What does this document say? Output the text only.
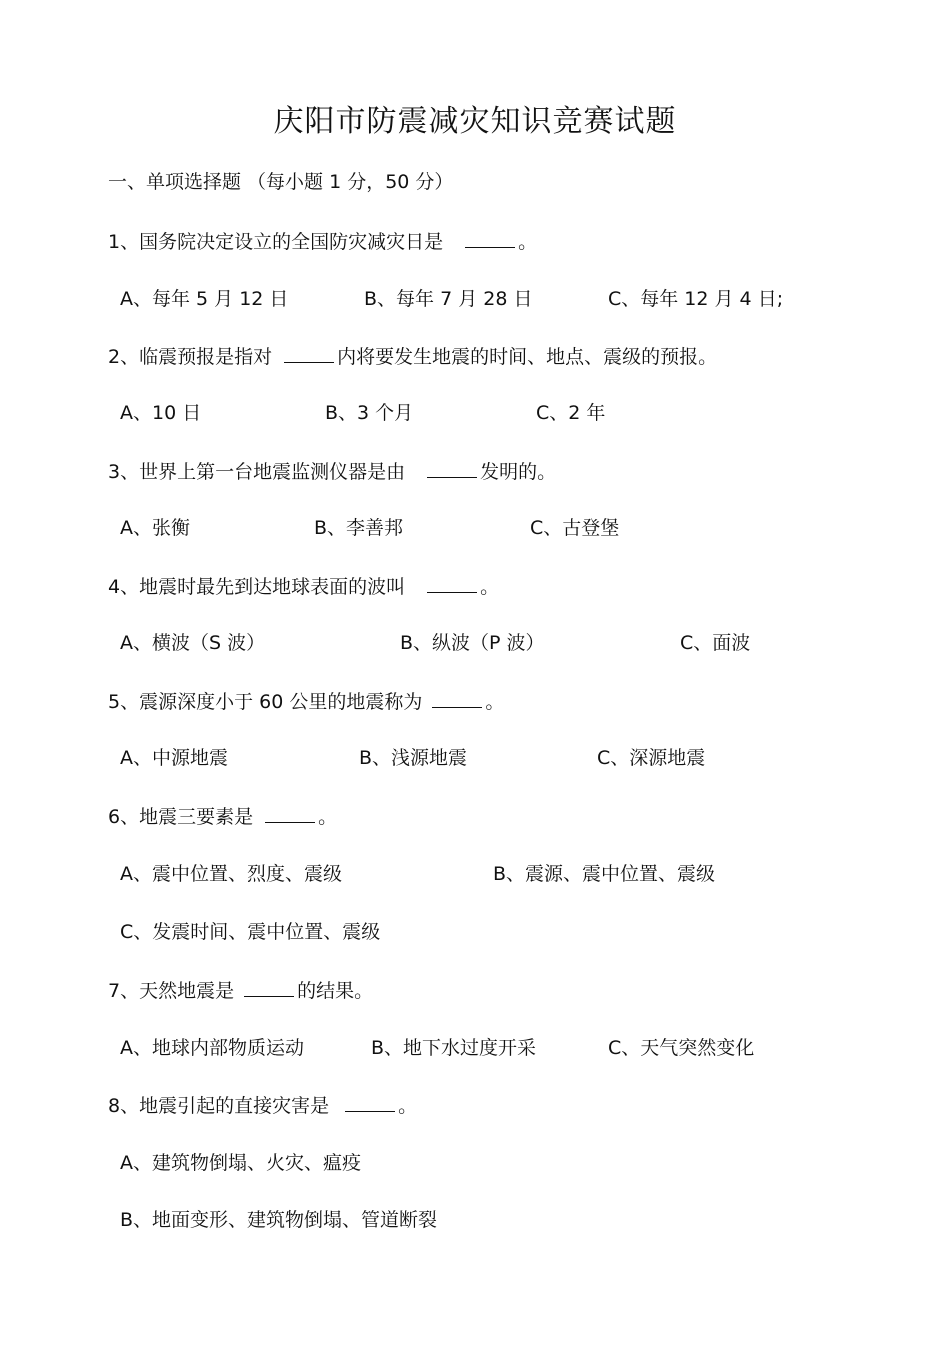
庆阳市防震减灾知识竞赛试题
一、单项选择题 （每小题 1 分，50 分）
1、国务院决定设立的全国防灾减灾日是	。
A、每年 5 月 12 日	B、每年 7 月 28 日	C、每年 12 月 4 日;
2、临震预报是指对	内将要发生地震的时间、地点、震级的预报。
A、10 日	B、3 个月	C、2 年
3、世界上第一台地震监测仪器是由	发明的。
A、张衡	B、李善邦	C、古登堡
4、地震时最先到达地球表面的波叫	。
A、横波（S 波）	B、纵波（P 波）	C、面波
5、震源深度小于 60 公里的地震称为	。
A、中源地震	B、浅源地震	C、深源地震
6、地震三要素是	。
A、震中位置、烈度、震级	B、震源、震中位置、震级
C、发震时间、震中位置、震级
7、天然地震是	的结果。
A、地球内部物质运动	B、地下水过度开采	C、天气突然变化
8、地震引起的直接灾害是	。
A、建筑物倒塌、火灾、瘟疫
B、地面变形、建筑物倒塌、管道断裂
